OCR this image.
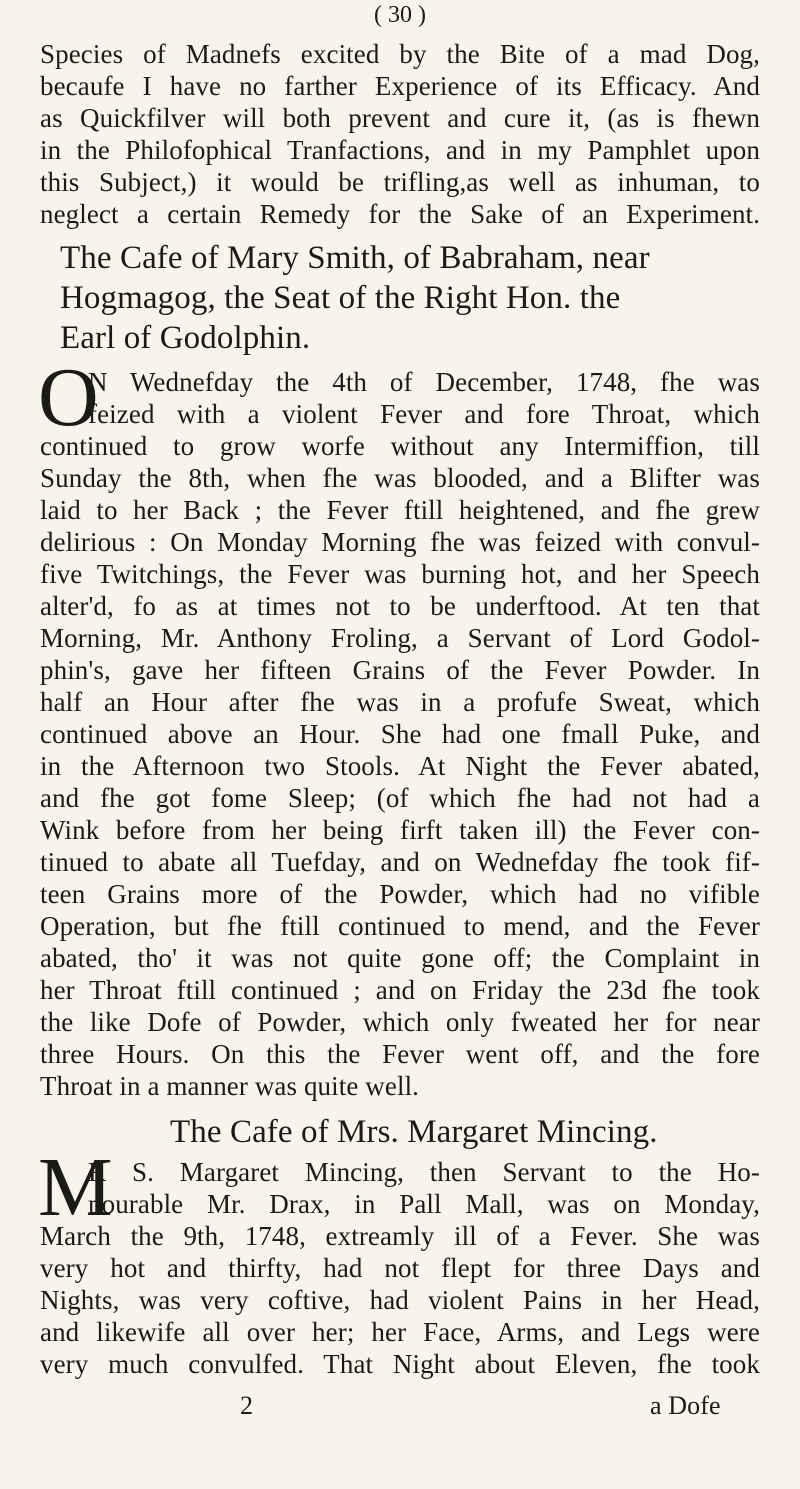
( 30 )
Species of Madnefs excited by the Bite of a mad Dog,
becaufe I have no farther Experience of its Efficacy. And
as Quickfilver will both prevent and cure it, (as is fhewn
in the Philofophical Tranfactions, and in my Pamphlet upon
this Subject,) it would be trifling,as well as inhuman, to
neglect a certain Remedy for the Sake of an Experiment.
The Cafe of Mary Smith, of Babraham, near
Hogmagog, the Seat of the Right Hon. the
Earl of Godolphin.
O
N Wednefday the 4th of December, 1748, fhe was
feized with a violent Fever and fore Throat, which
continued to grow worfe without any Intermiffion, till
Sunday the 8th, when fhe was blooded, and a Blifter was
laid to her Back ; the Fever ftill heightened, and fhe grew
delirious : On Monday Morning fhe was feized with convul-
five Twitchings, the Fever was burning hot, and her Speech
alter'd, fo as at times not to be underftood. At ten that
Morning, Mr. Anthony Froling, a Servant of Lord Godol-
phin's, gave her fifteen Grains of the Fever Powder. In
half an Hour after fhe was in a profufe Sweat, which
continued above an Hour. She had one fmall Puke, and
in the Afternoon two Stools. At Night the Fever abated,
and fhe got fome Sleep; (of which fhe had not had a
Wink before from her being firft taken ill) the Fever con-
tinued to abate all Tuefday, and on Wednefday fhe took fif-
teen Grains more of the Powder, which had no vifible
Operation, but fhe ftill continued to mend, and the Fever
abated, tho' it was not quite gone off; the Complaint in
her Throat ftill continued ; and on Friday the 23d fhe took
the like Dofe of Powder, which only fweated her for near
three Hours. On this the Fever went off, and the fore
Throat in a manner was quite well.
The Cafe of Mrs. Margaret Mincing.
M
R S. Margaret Mincing, then Servant to the Ho-
nourable Mr. Drax, in Pall Mall, was on Monday,
March the 9th, 1748, extreamly ill of a Fever. She was
very hot and thirfty, had not flept for three Days and
Nights, was very coftive, had violent Pains in her Head,
and likewife all over her; her Face, Arms, and Legs were
very much convulfed. That Night about Eleven, fhe took
2	a Dofe
